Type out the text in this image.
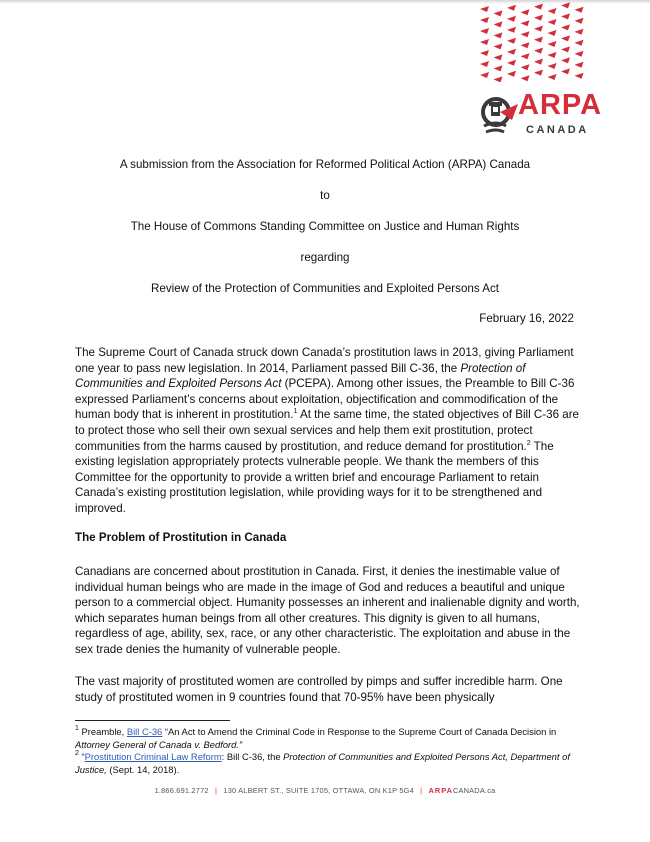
ARPA
CANADA
A submission from the Association for Reformed Political Action (ARPA) Canada
to
The House of Commons Standing Committee on Justice and Human Rights
regarding
Review of the Protection of Communities and Exploited Persons Act
February 16, 2022
The Supreme Court of Canada struck down Canada’s prostitution laws in 2013, giving Parliament one year to pass new legislation. In 2014, Parliament passed Bill C-36, the Protection of Communities and Exploited Persons Act (PCEPA). Among other issues, the Preamble to Bill C-36 expressed Parliament’s concerns about exploitation, objectification and commodification of the human body that is inherent in prostitution.$^1$ At the same time, the stated objectives of Bill C-36 are to protect those who sell their own sexual services and help them exit prostitution, protect communities from the harms caused by prostitution, and reduce demand for prostitution.$^2$ The existing legislation appropriately protects vulnerable people. We thank the members of this Committee for the opportunity to provide a written brief and encourage Parliament to retain Canada’s existing prostitution legislation, while providing ways for it to be strengthened and improved.
The Problem of Prostitution in Canada
Canadians are concerned about prostitution in Canada. First, it denies the inestimable value of individual human beings who are made in the image of God and reduces a beautiful and unique person to a commercial object. Humanity possesses an inherent and inalienable dignity and worth, which separates human beings from all other creatures. This dignity is given to all humans, regardless of age, ability, sex, race, or any other characteristic. The exploitation and abuse in the sex trade denies the humanity of vulnerable people.
The vast majority of prostituted women are controlled by pimps and suffer incredible harm. One study of prostituted women in 9 countries found that 70-95% have been physically
$^1$ Preamble, Bill C-36 “An Act to Amend the Criminal Code in Response to the Supreme Court of Canada Decision in Attorney General of Canada v. Bedford.”
$^2$ “Prostitution Criminal Law Reform: Bill C-36, the Protection of Communities and Exploited Persons Act, Department of Justice, (Sept. 14, 2018).
1.866.691.2772 | 130 ALBERT ST., SUITE 1705, OTTAWA, ON K1P 5G4 | ARPACANADA.ca
